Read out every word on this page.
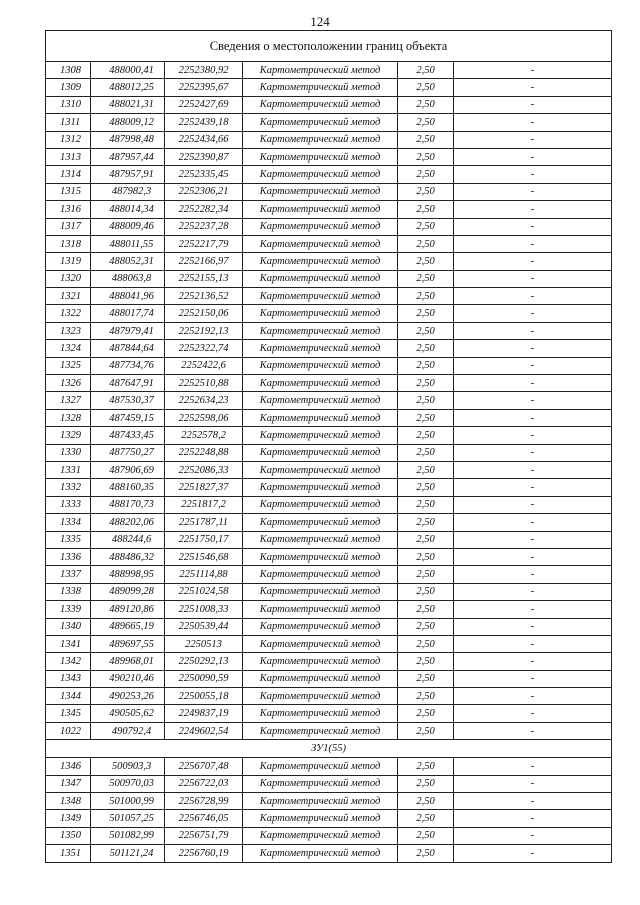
124
Сведения о местоположении границ объекта					
1308	488000,41	2252380,92	Картометрический метод	2,50	-
1309	488012,25	2252395,67	Картометрический метод	2,50	-
1310	488021,31	2252427,69	Картометрический метод	2,50	-
1311	488009,12	2252439,18	Картометрический метод	2,50	-
1312	487998,48	2252434,66	Картометрический метод	2,50	-
1313	487957,44	2252390,87	Картометрический метод	2,50	-
1314	487957,91	2252335,45	Картометрический метод	2,50	-
1315	487982,3	2252306,21	Картометрический метод	2,50	-
1316	488014,34	2252282,34	Картометрический метод	2,50	-
1317	488009,46	2252237,28	Картометрический метод	2,50	-
1318	488011,55	2252217,79	Картометрический метод	2,50	-
1319	488052,31	2252166,97	Картометрический метод	2,50	-
1320	488063,8	2252155,13	Картометрический метод	2,50	-
1321	488041,96	2252136,52	Картометрический метод	2,50	-
1322	488017,74	2252150,06	Картометрический метод	2,50	-
1323	487979,41	2252192,13	Картометрический метод	2,50	-
1324	487844,64	2252322,74	Картометрический метод	2,50	-
1325	487734,76	2252422,6	Картометрический метод	2,50	-
1326	487647,91	2252510,88	Картометрический метод	2,50	-
1327	487530,37	2252634,23	Картометрический метод	2,50	-
1328	487459,15	2252598,06	Картометрический метод	2,50	-
1329	487433,45	2252578,2	Картометрический метод	2,50	-
1330	487750,27	2252248,88	Картометрический метод	2,50	-
1331	487906,69	2252086,33	Картометрический метод	2,50	-
1332	488160,35	2251827,37	Картометрический метод	2,50	-
1333	488170,73	2251817,2	Картометрический метод	2,50	-
1334	488202,06	2251787,11	Картометрический метод	2,50	-
1335	488244,6	2251750,17	Картометрический метод	2,50	-
1336	488486,32	2251546,68	Картометрический метод	2,50	-
1337	488998,95	2251114,88	Картометрический метод	2,50	-
1338	489099,28	2251024,58	Картометрический метод	2,50	-
1339	489120,86	2251008,33	Картометрический метод	2,50	-
1340	489665,19	2250539,44	Картометрический метод	2,50	-
1341	489697,55	2250513	Картометрический метод	2,50	-
1342	489968,01	2250292,13	Картометрический метод	2,50	-
1343	490210,46	2250090,59	Картометрический метод	2,50	-
1344	490253,26	2250055,18	Картометрический метод	2,50	-
1345	490505,62	2249837,19	Картометрический метод	2,50	-
1022	490792,4	2249602,54	Картометрический метод	2,50	-
ЗУ1(55)					
1346	500903,3	2256707,48	Картометрический метод	2,50	-
1347	500970,03	2256722,03	Картометрический метод	2,50	-
1348	501000,99	2256728,99	Картометрический метод	2,50	-
1349	501057,25	2256746,05	Картометрический метод	2,50	-
1350	501082,99	2256751,79	Картометрический метод	2,50	-
1351	501121,24	2256760,19	Картометрический метод	2,50	-
